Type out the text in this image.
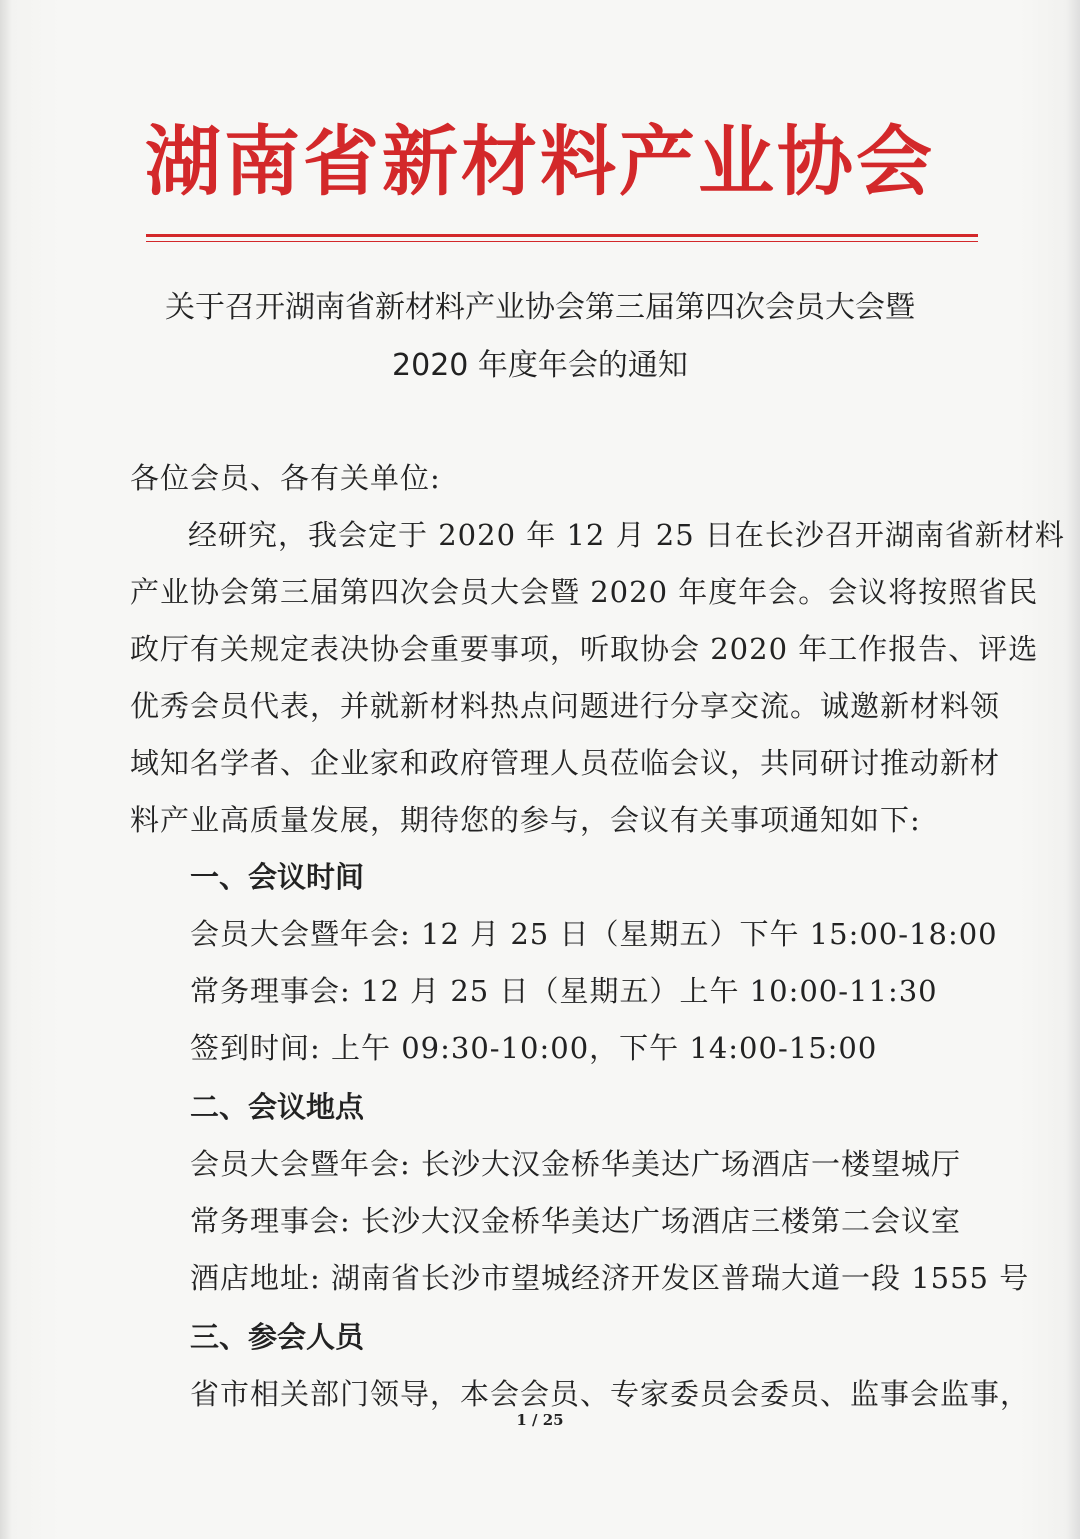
湖南省新材料产业协会
关于召开湖南省新材料产业协会第三届第四次会员大会暨
2020 年度年会的通知
各位会员、各有关单位:
经研究，我会定于 2020 年 12 月 25 日在长沙召开湖南省新材料
产业协会第三届第四次会员大会暨 2020 年度年会。会议将按照省民
政厅有关规定表决协会重要事项，听取协会 2020 年工作报告、评选
优秀会员代表，并就新材料热点问题进行分享交流。诚邀新材料领
域知名学者、企业家和政府管理人员莅临会议，共同研讨推动新材
料产业高质量发展，期待您的参与，会议有关事项通知如下:
一、会议时间
会员大会暨年会: 12 月 25 日（星期五）下午 15:00-18:00
常务理事会: 12 月 25 日（星期五）上午 10:00-11:30
签到时间: 上午 09:30-10:00，下午 14:00-15:00
二、会议地点
会员大会暨年会: 长沙大汉金桥华美达广场酒店一楼望城厅
常务理事会: 长沙大汉金桥华美达广场酒店三楼第二会议室
酒店地址: 湖南省长沙市望城经济开发区普瑞大道一段 1555 号
三、参会人员
省市相关部门领导，本会会员、专家委员会委员、监事会监事，
1 / 25
